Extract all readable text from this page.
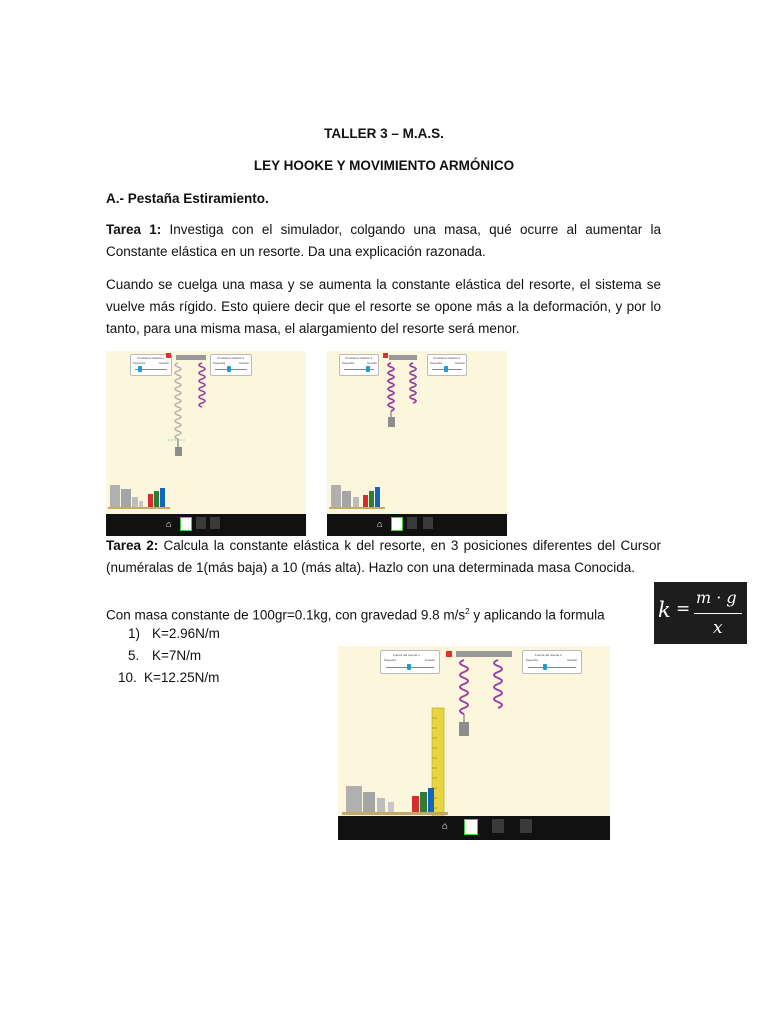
TALLER 3 – M.A.S.
LEY HOOKE Y MOVIMIENTO ARMÓNICO
A.- Pestaña Estiramiento.
Tarea 1: Investiga con el simulador, colgando una masa, qué ocurre al aumentar la Constante elástica en un resorte. Da una explicación razonada.
Cuando se cuelga una masa y se aumenta la constante elástica del resorte, el sistema se vuelve más rígido. Esto quiere decir que el resorte se opone más a la deformación, y por lo tanto, para una misma masa, el alargamiento del resorte será menor.
Constante elástica 1
Pequeña	Grande
Constante elástica 2
Pequeña	Grande
⌂
Constante elástica 1
Pequeña	Grande
Constante elástica 2
Pequeña	Grande
⌂
Tarea 2: Calcula la constante elástica k del resorte, en 3 posiciones diferentes del Cursor (numéralas de 1(más baja) a 10 (más alta). Hazlo con una determinada masa Conocida.
Con masa constante de 100gr=0.1kg, con gravedad 9.8 $m/s^2$ y aplicando la formula	k =
m · g
x
1) K=2.96N/m
5. K=7N/m
10. K=12.25N/m
Fuerza del resorte 1
Pequeña	Grande
Fuerza del resorte 2
Pequeña	Grande
⌂
